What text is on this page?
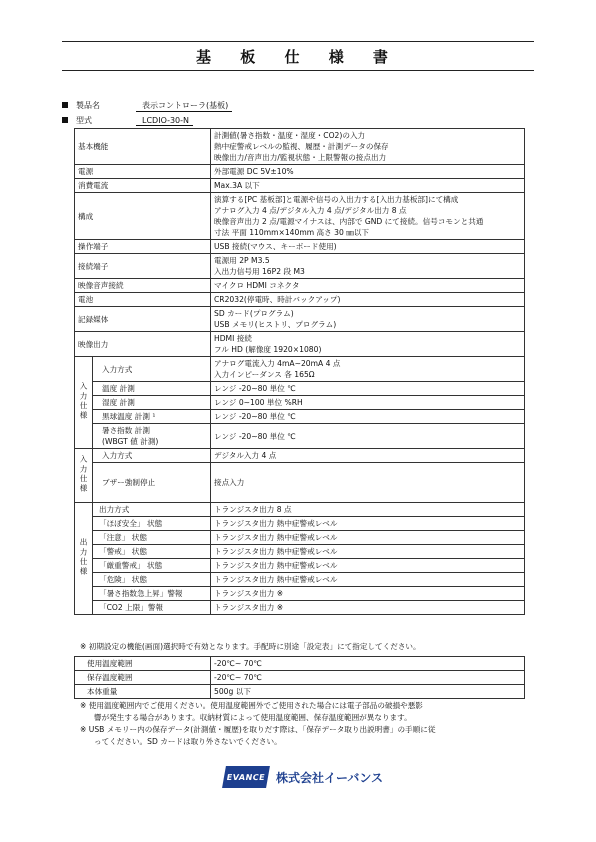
基 板 仕 様 書
製品名	表示コントローラ(基板)
型式	LCDIO-30-N
基本機能		計測値(暑さ指数・温度・湿度・CO2)の入力
熱中症警戒レベルの監視、履歴・計測データの保存
映像出力/音声出力/監視状態・上限警報の接点出力

電源		外部電源 DC 5V±10%

消費電流		Max.3A 以下

構成		演算する[PC 基板部]と電源や信号の入出力する[入出力基板部]にて構成
アナログ入力 4 点/デジタル入力 4 点/デジタル出力 8 点
映像音声出力 2 点/電源マイナスは、内部で GND にて接続。信号コモンと共通
寸法 平面 110mm×140mm 高さ 30 ㎜以下

操作端子		USB 接続(マウス、キーボード使用)

接続端子		電源用 2P M3.5
入出力信号用 16P2 段 M3

映像音声接続		マイクロ HDMI コネクタ

電池		CR2032(停電時、時計バックアップ)

記録媒体		SD カード(プログラム)
USB メモリ(ヒストリ、プログラム)

映像出力		HDMI 接続
フル HD (解像度 1920×1080)

入力仕様	入力方式	アナログ電流入力 4mA~20mA 4 点
入力インピーダンス 各 165Ω

	温度 計測	レンジ -20~80 単位 ℃

	湿度 計測	レンジ 0~100 単位 %RH

	黒球温度 計測 ¹	レンジ -20~80 単位 ℃

	暑さ指数 計測
(WBGT 値 計測)	レンジ -20~80 単位 ℃

入力仕様	入力方式	デジタル入力 4 点
	ブザー強制停止	接点入力
出力仕様	出力方式	トランジスタ出力 8 点
	「ほぼ安全」 状態	トランジスタ出力 熱中症警戒レベル
	「注意」 状態	トランジスタ出力 熱中症警戒レベル
	「警戒」 状態	トランジスタ出力 熱中症警戒レベル
	「厳重警戒」 状態	トランジスタ出力 熱中症警戒レベル
	「危険」 状態	トランジスタ出力 熱中症警戒レベル
	「暑さ指数急上昇」警報	トランジスタ出力 ※
	「CO2 上限」警報	トランジスタ出力 ※
※ 初期設定の機能(画面)選択時で有効となります。手配時に別途「設定表」にて指定してください。
使用温度範囲	-20℃~ 70℃
保存温度範囲	-20℃~ 70℃
本体重量	500g 以下
※ 使用温度範囲内でご使用ください。使用温度範囲外でご使用された場合には電子部品の破損や悪影
響が発生する場合があります。収納材質によって使用温度範囲、保存温度範囲が異なります。
※ USB メモリー内の保存データ(計測値・履歴)を取りだす際は、「保存データ取り出説明書」の手順に従
ってください。SD カードは取り外さないでください。
EVANCE 株式会社イーバンス
